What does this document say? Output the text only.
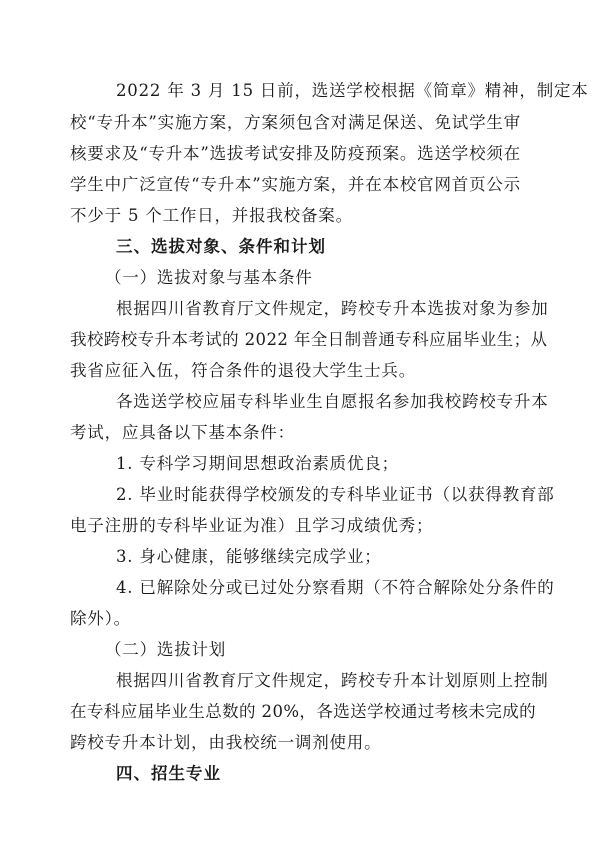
2022 年 3 月 15 日前，选送学校根据《简章》精神，制定本
校“专升本”实施方案，方案须包含对满足保送、免试学生审
核要求及“专升本”选拔考试安排及防疫预案。选送学校须在
学生中广泛宣传“专升本”实施方案，并在本校官网首页公示
不少于 5 个工作日，并报我校备案。
三、选拔对象、条件和计划
（一）选拔对象与基本条件
根据四川省教育厅文件规定，跨校专升本选拔对象为参加
我校跨校专升本考试的 2022 年全日制普通专科应届毕业生；从
我省应征入伍，符合条件的退役大学生士兵。
各选送学校应届专科毕业生自愿报名参加我校跨校专升本
考试，应具备以下基本条件：
1. 专科学习期间思想政治素质优良；
2. 毕业时能获得学校颁发的专科毕业证书（以获得教育部
电子注册的专科毕业证为准）且学习成绩优秀；
3. 身心健康，能够继续完成学业；
4. 已解除处分或已过处分察看期（不符合解除处分条件的
除外）。
（二）选拔计划
根据四川省教育厅文件规定，跨校专升本计划原则上控制
在专科应届毕业生总数的 20%，各选送学校通过考核未完成的
跨校专升本计划，由我校统一调剂使用。
四、招生专业
